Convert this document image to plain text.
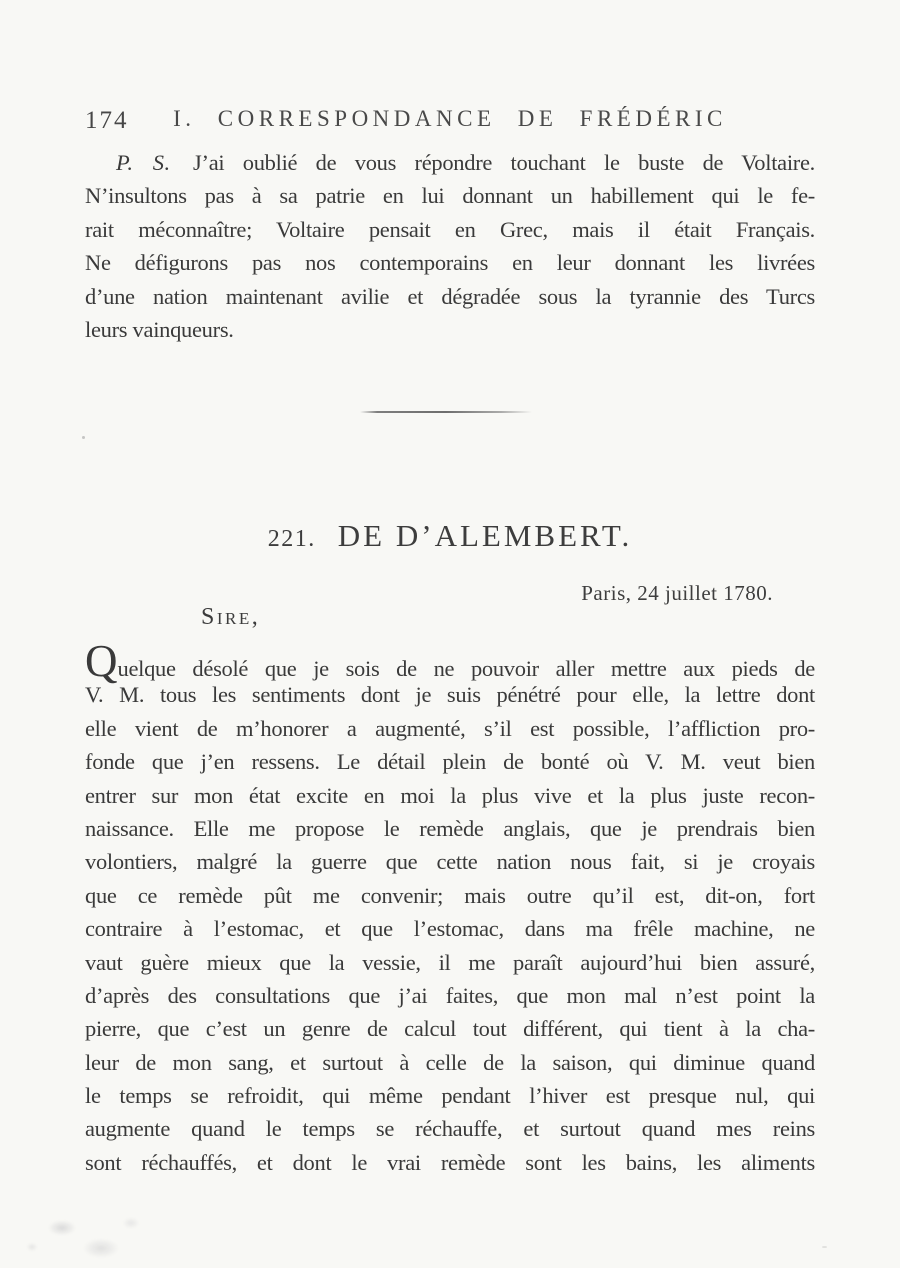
174	I. CORRESPONDANCE DE FRÉDÉRIC
P. S. J’ai oublié de vous répondre touchant le buste de Voltaire.
N’insultons pas à sa patrie en lui donnant un habillement qui le fe-
rait méconnaître; Voltaire pensait en Grec, mais il était Français.
Ne défigurons pas nos contemporains en leur donnant les livrées
d’une nation maintenant avilie et dégradée sous la tyrannie des Turcs
leurs vainqueurs.
221. DE D’ALEMBERT.
Paris, 24 juillet 1780.
Sire,
Quelque désolé que je sois de ne pouvoir aller mettre aux pieds de
V. M. tous les sentiments dont je suis pénétré pour elle, la lettre dont
elle vient de m’honorer a augmenté, s’il est possible, l’affliction pro-
fonde que j’en ressens. Le détail plein de bonté où V. M. veut bien
entrer sur mon état excite en moi la plus vive et la plus juste recon-
naissance. Elle me propose le remède anglais, que je prendrais bien
volontiers, malgré la guerre que cette nation nous fait, si je croyais
que ce remède pût me convenir; mais outre qu’il est, dit-on, fort
contraire à l’estomac, et que l’estomac, dans ma frêle machine, ne
vaut guère mieux que la vessie, il me paraît aujourd’hui bien assuré,
d’après des consultations que j’ai faites, que mon mal n’est point la
pierre, que c’est un genre de calcul tout différent, qui tient à la cha-
leur de mon sang, et surtout à celle de la saison, qui diminue quand
le temps se refroidit, qui même pendant l’hiver est presque nul, qui
augmente quand le temps se réchauffe, et surtout quand mes reins
sont réchauffés, et dont le vrai remède sont les bains, les aliments
